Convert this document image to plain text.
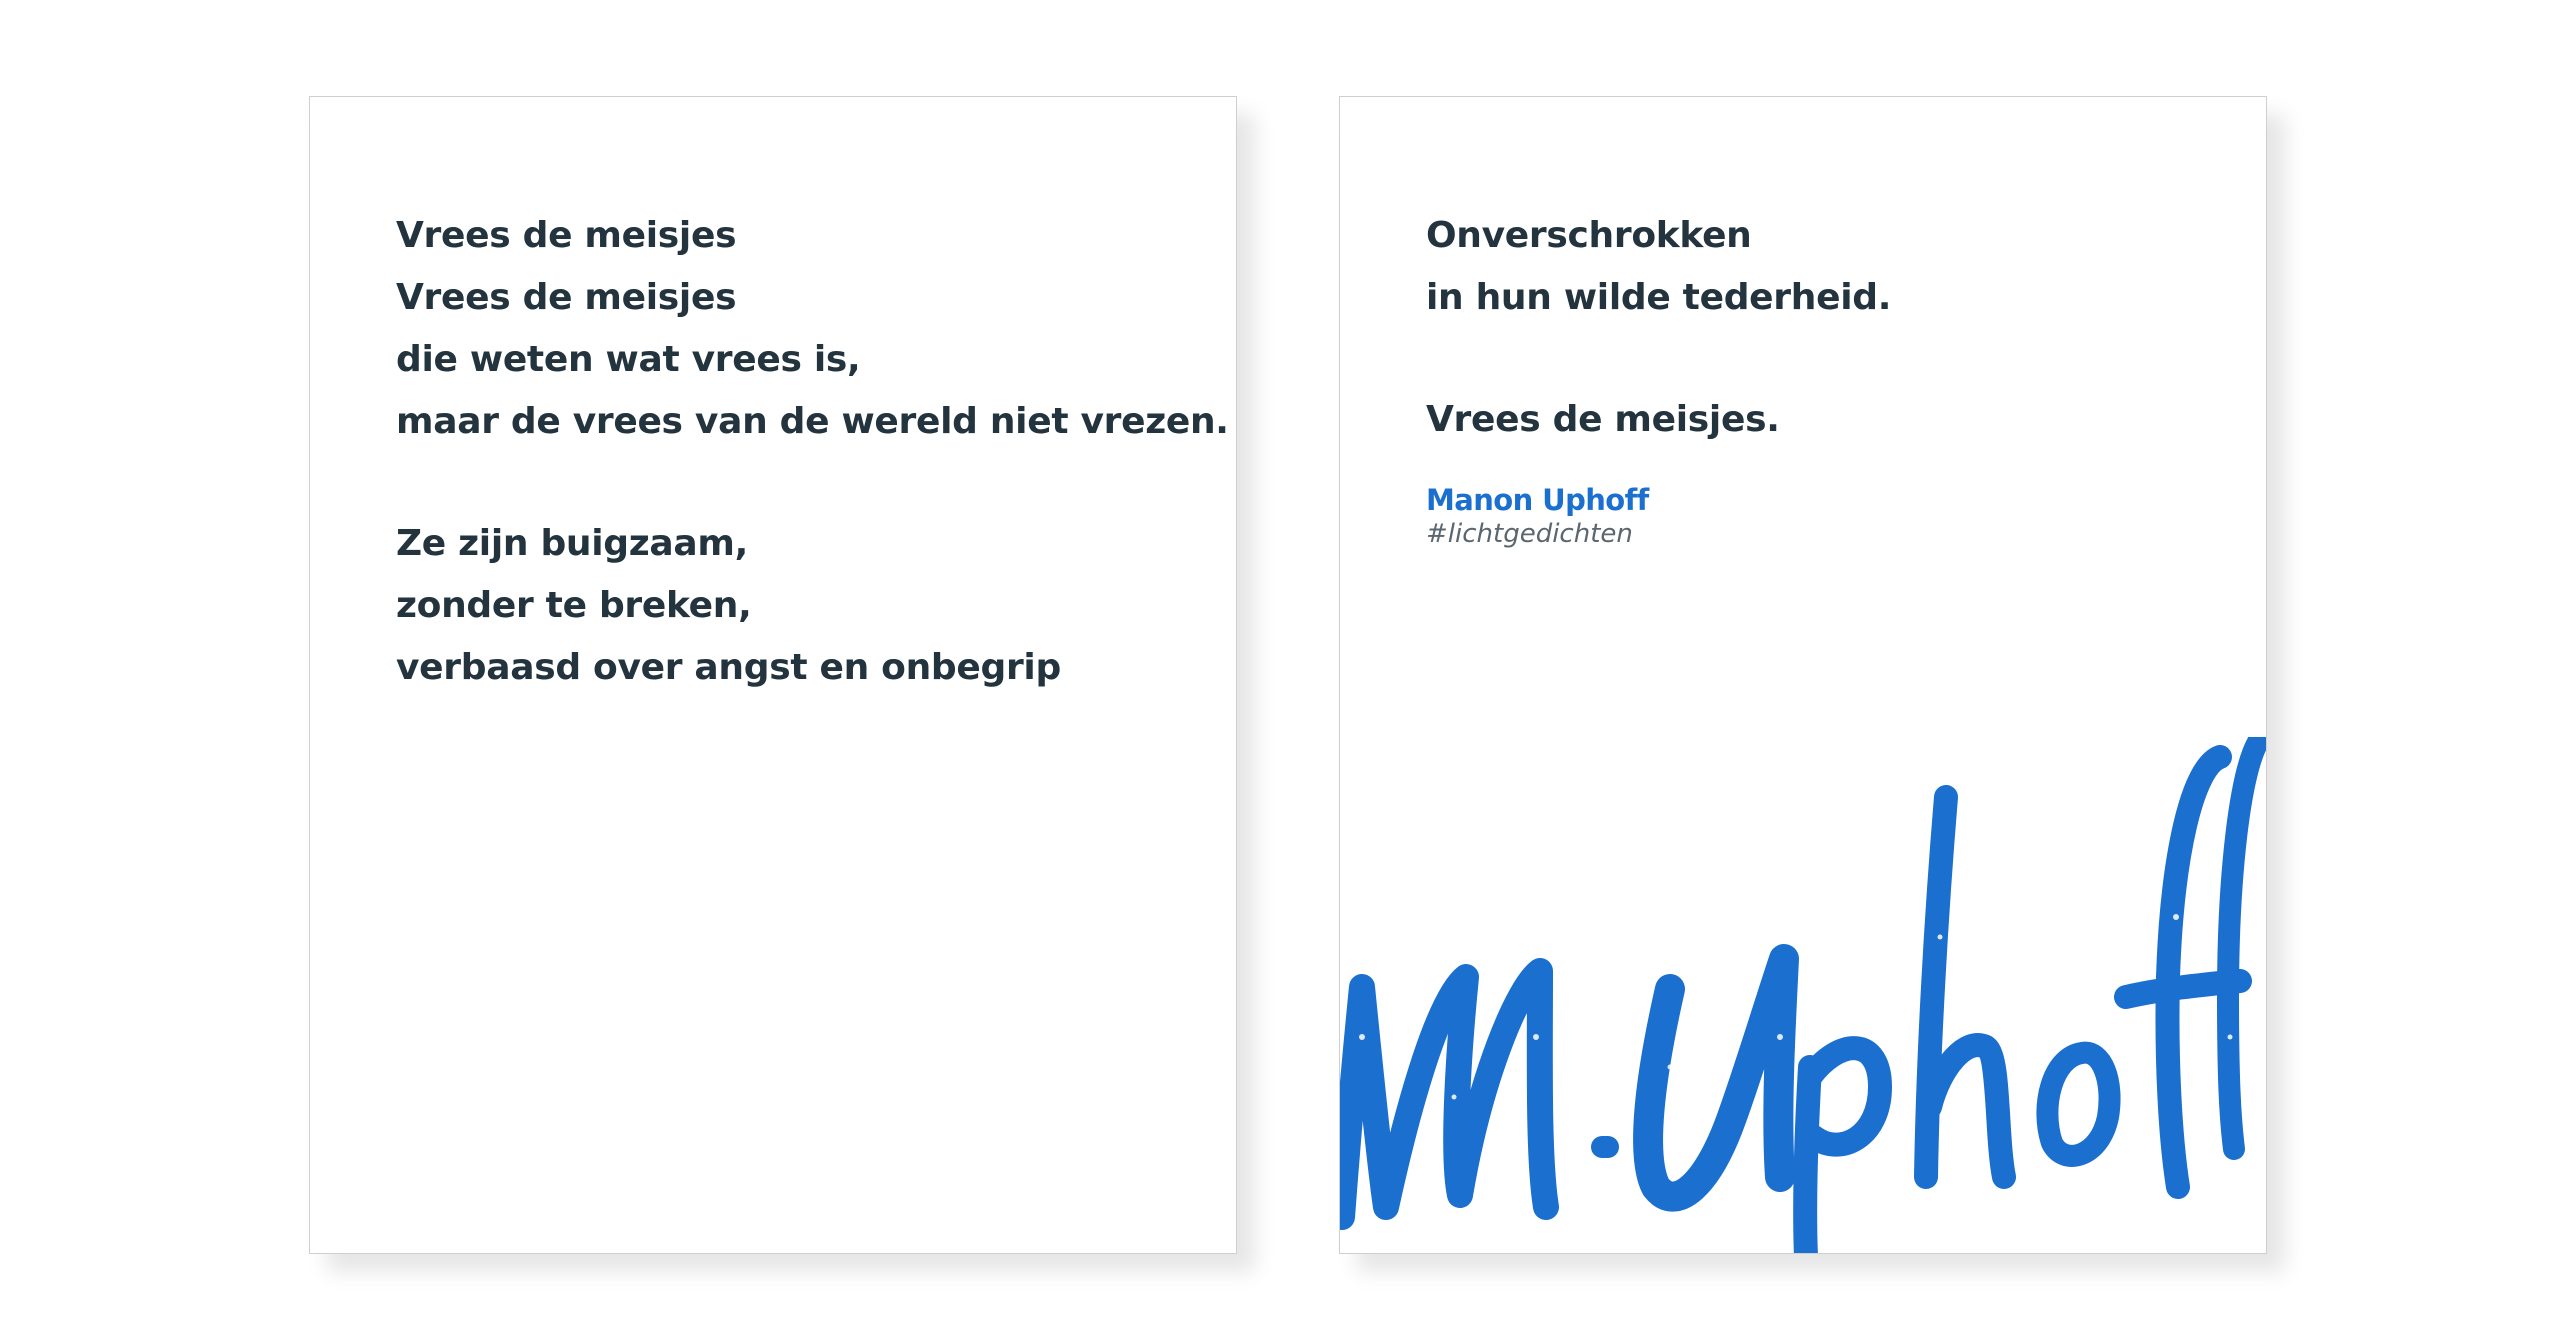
Vrees de meisjes
Vrees de meisjes
die weten wat vrees is,
maar de vrees van de wereld niet vrezen.
Ze zijn buigzaam,
zonder te breken,
verbaasd over angst en onbegrip
Onverschrokken
in hun wilde tederheid.
Vrees de meisjes.
Manon Uphoff
#lichtgedichten
